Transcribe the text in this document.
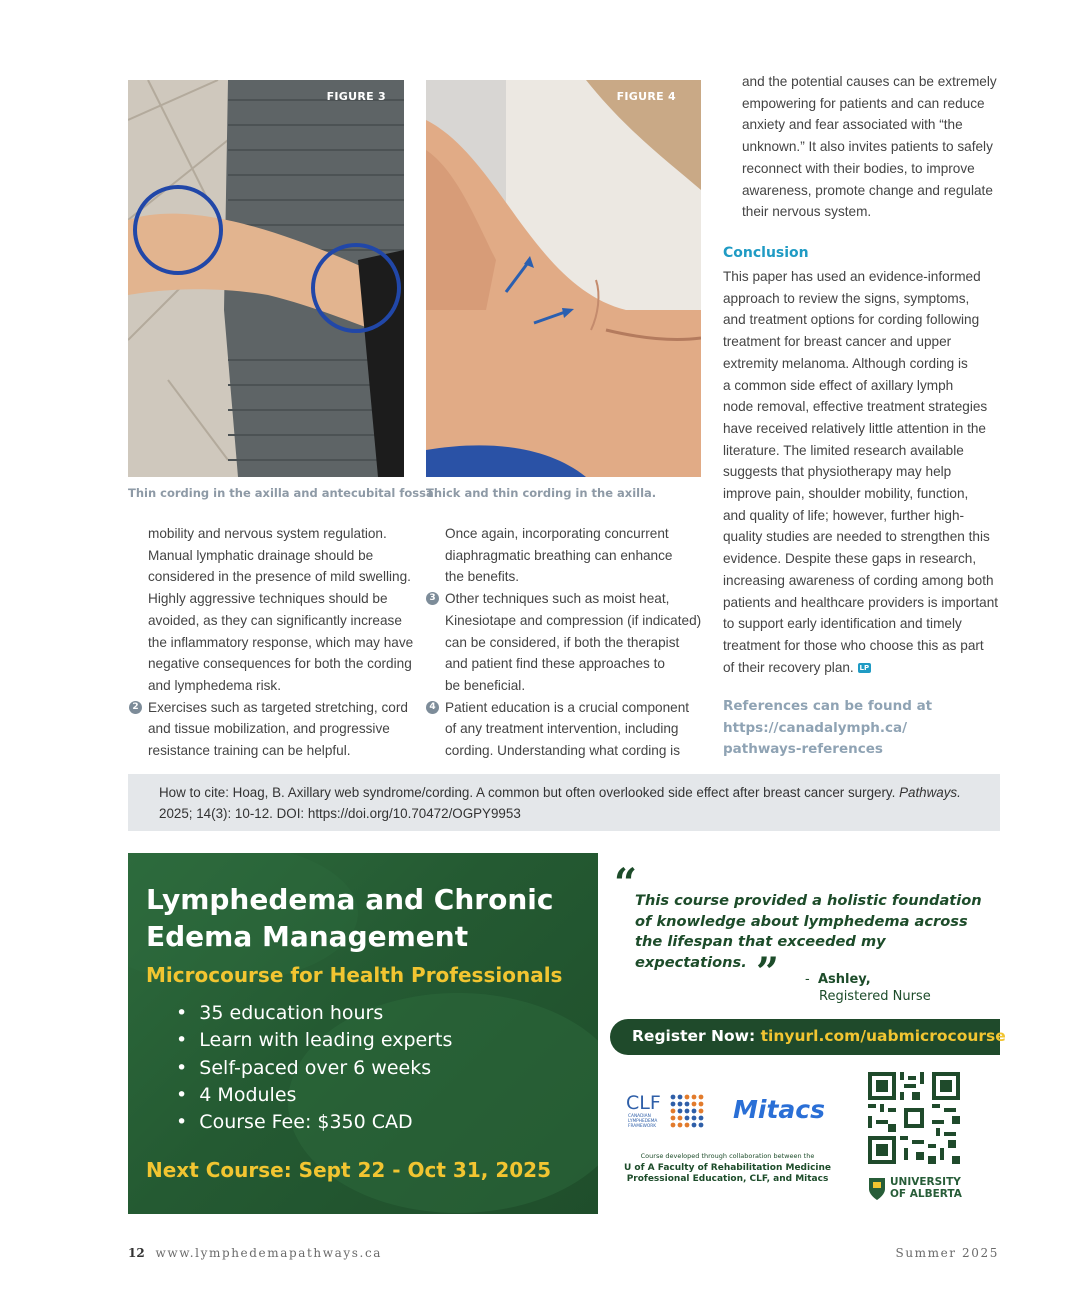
FIGURE 3
Thin cording in the axilla and antecubital fossa.
FIGURE 4
Thick and thin cording in the axilla.
mobility and nervous system regulation.
Manual lymphatic drainage should be
considered in the presence of mild swelling.
Highly aggressive techniques should be
avoided, as they can significantly increase
the inflammatory response, which may have
negative consequences for both the cording
and lymphedema risk.
2 Exercises such as targeted stretching, cord
and tissue mobilization, and progressive
resistance training can be helpful.
Once again, incorporating concurrent
diaphragmatic breathing can enhance
the benefits.
3 Other techniques such as moist heat,
Kinesiotape and compression (if indicated)
can be considered, if both the therapist
and patient find these approaches to
be beneficial.
4 Patient education is a crucial component
of any treatment intervention, including
cording. Understanding what cording is
and the potential causes can be extremely
empowering for patients and can reduce
anxiety and fear associated with “the
unknown.” It also invites patients to safely
reconnect with their bodies, to improve
awareness, promote change and regulate
their nervous system.
Conclusion
This paper has used an evidence-informed
approach to review the signs, symptoms,
and treatment options for cording following
treatment for breast cancer and upper
extremity melanoma. Although cording is
a common side effect of axillary lymph
node removal, effective treatment strategies
have received relatively little attention in the
literature. The limited research available
suggests that physiotherapy may help
improve pain, shoulder mobility, function,
and quality of life; however, further high-
quality studies are needed to strengthen this
evidence. Despite these gaps in research,
increasing awareness of cording among both
patients and healthcare providers is important
to support early identification and timely
treatment for those who choose this as part
of their recovery plan. LP
References can be found at
https://canadalymph.ca/
pathways-references
How to cite: Hoag, B. Axillary web syndrome/cording. A common but often overlooked side effect after breast cancer surgery. Pathways.
2025; 14(3): 10-12. DOI: https://doi.org/10.70472/OGPY9953
Lymphedema and Chronic
Edema Management
Microcourse for Health Professionals
•  35 education hours
•  Learn with leading experts
•  Self-paced over 6 weeks
•  4 Modules
•  Course Fee: $350 CAD
Next Course: Sept 22 - Oct 31, 2025
“
This course provided a holistic foundation
of knowledge about lymphedema across
the lifespan that exceeded my
expectations. ” - Ashley,
Registered Nurse
Register Now: tinyurl.com/uabmicrocourse
CLF
CANADIAN
LYMPHEDEMA
FRAMEWORK
Mitacs
Course developed through collaboration between the
U of A Faculty of Rehabilitation Medicine
Professional Education, CLF, and Mitacs	UNIVERSITY
OF ALBERTA
12 www.lymphedemapathways.ca	Summer 2025
